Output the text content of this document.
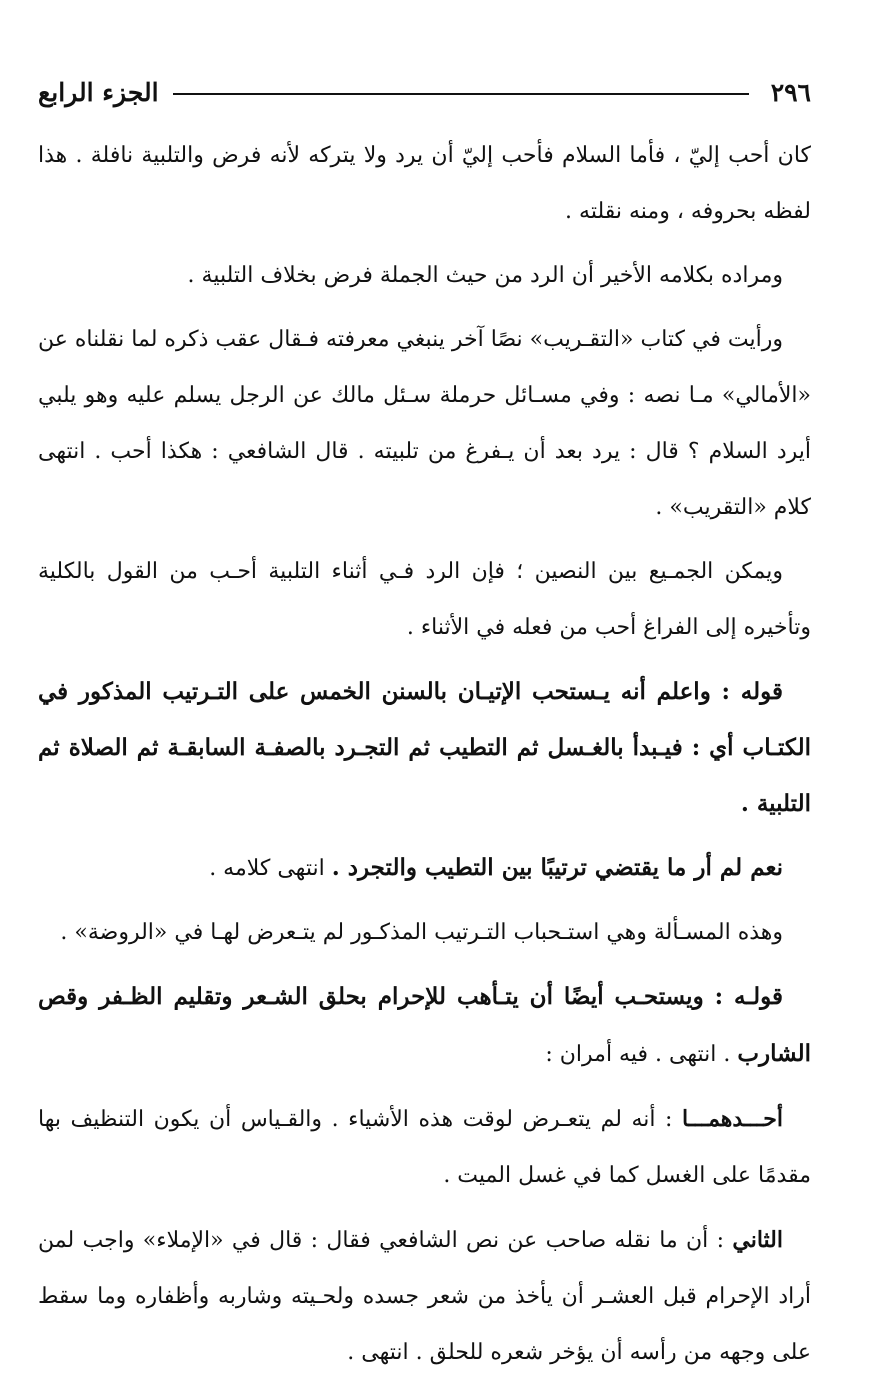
٢٩٦
الجزء الرابع

كان أحب إليّ ، فأما السلام فأحب إليّ أن يرد ولا يتركه لأنه فرض والتلبية نافلة . هذا لفظه بحروفه ، ومنه نقلته .

ومراده بكلامه الأخير أن الرد من حيث الجملة فرض بخلاف التلبية .

ورأيت في كتاب «التقـريب» نصًا آخر ينبغي معرفته فـقال عقب ذكره لما نقلناه عن «الأمالي» مـا نصه : وفي مسـائل حرملة سـئل مالك عن الرجل يسلم عليه وهو يلبي أيرد السلام ؟ قال : يرد بعد أن يـفرغ من تلبيته . قال الشافعي : هكذا أحب . انتهى كلام «التقريب» .

ويمكن الجمـيع بين النصين ؛ فإن الرد فـي أثناء التلبية أحـب من القول بالكلية وتأخيره إلى الفراغ أحب من فعله في الأثناء .

قوله : واعلم أنه يـستحب الإتيـان بالسنن الخمس على التـرتيب المذكور في الكتـاب أي : فيـبدأ بالغـسل ثم التطيب ثم التجـرد بالصفـة السابقـة ثم الصلاة ثم التلبية .

نعم لم أر ما يقتضي ترتيبًا بين التطيب والتجرد . انتهى كلامه .

وهذه المسـألة وهي استـحباب التـرتيب المذكـور لم يتـعرض لهـا في «الروضة» .

قولـه : ويستحـب أيضًا أن يتـأهب للإحرام بحلق الشـعر وتقليم الظـفر وقص الشارب . انتهى . فيه أمران :

أحـــدهمـــا : أنه لم يتعـرض لوقت هذه الأشياء . والقـياس أن يكون التنظيف بها مقدمًا على الغسل كما في غسل الميت .

الثاني : أن ما نقله صاحب عن نص الشافعي فقال : قال في «الإملاء» واجب لمن أراد الإحرام قبل العشـر أن يأخذ من شعر جسده ولحـيته وشاربه وأظفاره وما سقط على وجهه من رأسه أن يؤخر شعره للحلق . انتهى .
